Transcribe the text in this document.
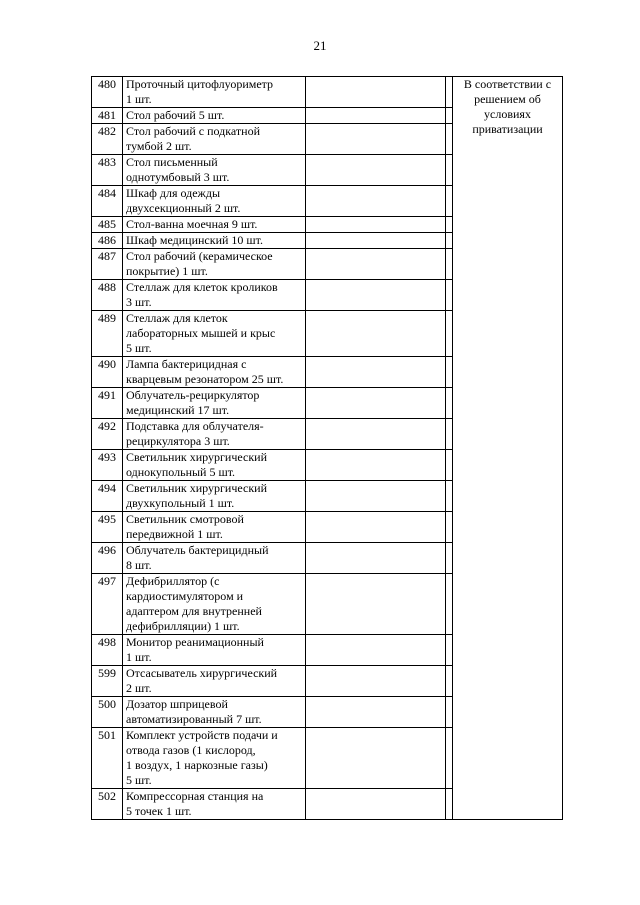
21
480	Проточный цитофлуориметр
1 шт.			В соответствии с решением об условиях приватизации
481	Стол рабочий 5 шт.			

482	Стол рабочий с подкатной
тумбой 2 шт.			

483	Стол письменный
однотумбовый 3 шт.			

484	Шкаф для одежды
двухсекционный 2 шт.			

485	Стол-ванна моечная 9 шт.			

486	Шкаф медицинский 10 шт.			

487	Стол рабочий (керамическое
покрытие) 1 шт.			

488	Стеллаж для клеток кроликов
3 шт.			

489	Стеллаж для клеток
лабораторных мышей и крыс
5 шт.			

490	Лампа бактерицидная с
кварцевым резонатором 25 шт.			

491	Облучатель-рециркулятор
медицинский 17 шт.			

492	Подставка для облучателя-
рециркулятора 3 шт.			

493	Светильник хирургический
однокупольный 5 шт.			

494	Светильник хирургический
двухкупольный 1 шт.			

495	Светильник смотровой
передвижной 1 шт.			

496	Облучатель бактерицидный
8 шт.			

497	Дефибриллятор (с
кардиостимулятором и
адаптером для внутренней
дефибрилляции) 1 шт.			

498	Монитор реанимационный
1 шт.			

599	Отсасыватель хирургический
2 шт.			

500	Дозатор шприцевой
автоматизированный 7 шт.			

501	Комплект устройств подачи и
отвода газов (1 кислород,
1 воздух, 1 наркозные газы)
5 шт.			

502	Компрессорная станция на
5 точек 1 шт.			
